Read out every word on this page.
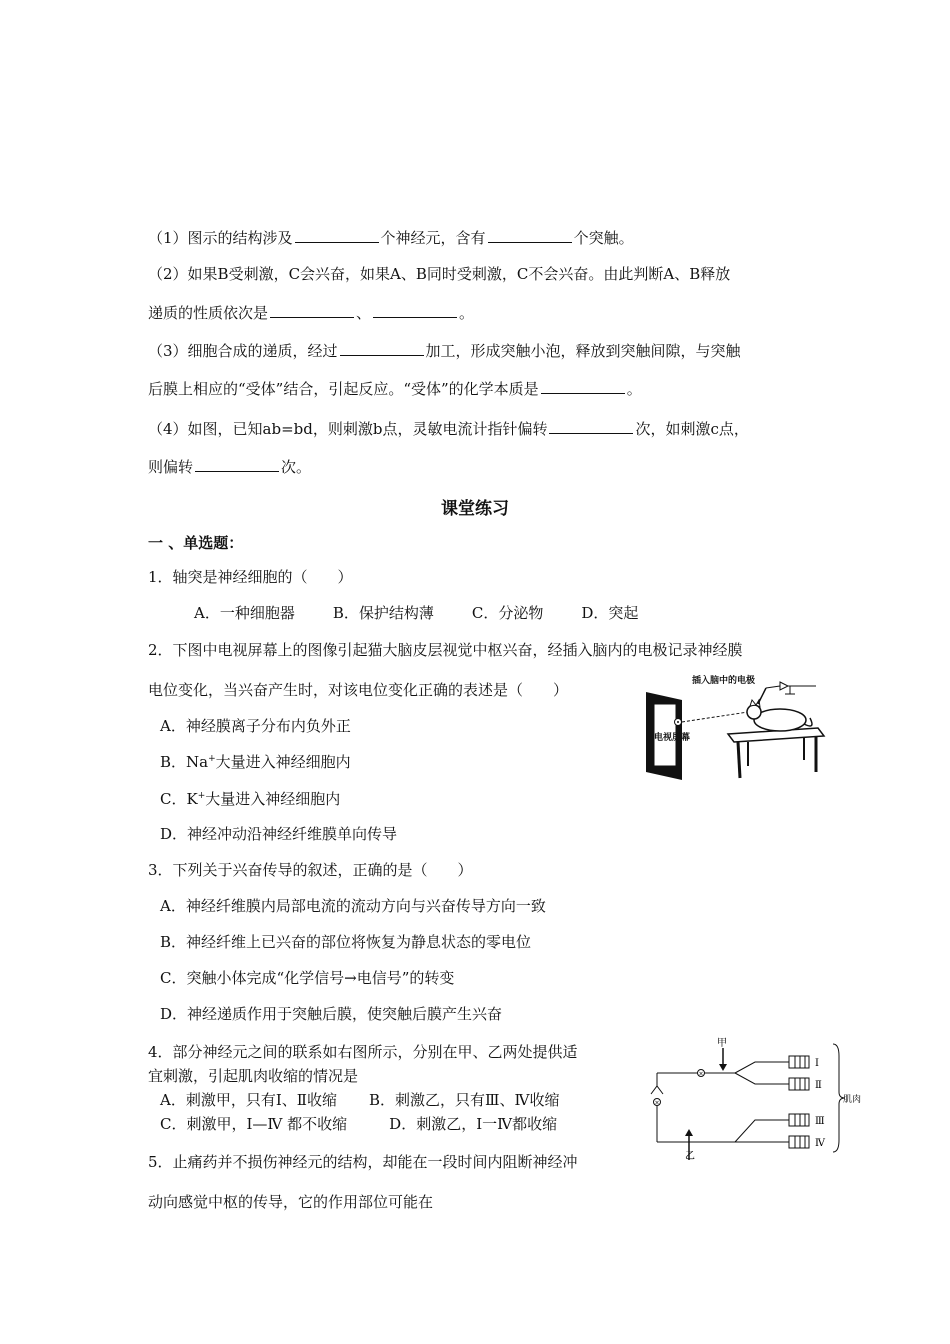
（1）图示的结构涉及	个神经元，含有	个突触。
（2）如果B受刺激，C会兴奋，如果A、B同时受刺激，C不会兴奋。由此判断A、B释放
递质的性质依次是	、	。
（3）细胞合成的递质，经过	加工，形成突触小泡，释放到突触间隙，与突触
后膜上相应的“受体”结合，引起反应。“受体”的化学本质是	。
（4）如图，已知ab=bd，则刺激b点，灵敏电流计指针偏转	次，如刺激c点，
则偏转	次。
课堂练习
一 、单选题：
1．轴突是神经细胞的（　　）
A．一种细胞器	B．保护结构薄	C．分泌物	D．突起
2．下图中电视屏幕上的图像引起猫大脑皮层视觉中枢兴奋，经插入脑内的电极记录神经膜
电位变化，当兴奋产生时，对该电位变化正确的表述是（　　）
A．神经膜离子分布内负外正
B．Na+大量进入神经细胞内
C．K+大量进入神经细胞内
D．神经冲动沿神经纤维膜单向传导
电视屏幕
插入脑中的电极
3．下列关于兴奋传导的叙述，正确的是（　　）
A．神经纤维膜内局部电流的流动方向与兴奋传导方向一致
B．神经纤维上已兴奋的部位将恢复为静息状态的零电位
C．突触小体完成“化学信号→电信号”的转变
D．神经递质作用于突触后膜，使突触后膜产生兴奋
4．部分神经元之间的联系如右图所示，分别在甲、乙两处提供适
宜刺激，引起肌肉收缩的情况是
A．刺激甲，只有Ⅰ、Ⅱ收缩 B．刺激乙，只有Ⅲ、Ⅳ收缩
C．刺激甲，Ⅰ—Ⅳ 都不收缩	D．刺激乙，Ⅰ一Ⅳ都收缩
×
×
甲
乙
Ⅰ
Ⅱ
Ⅲ
Ⅳ
肌肉
5．止痛药并不损伤神经元的结构，却能在一段时间内阻断神经冲
动向感觉中枢的传导，它的作用部位可能在
